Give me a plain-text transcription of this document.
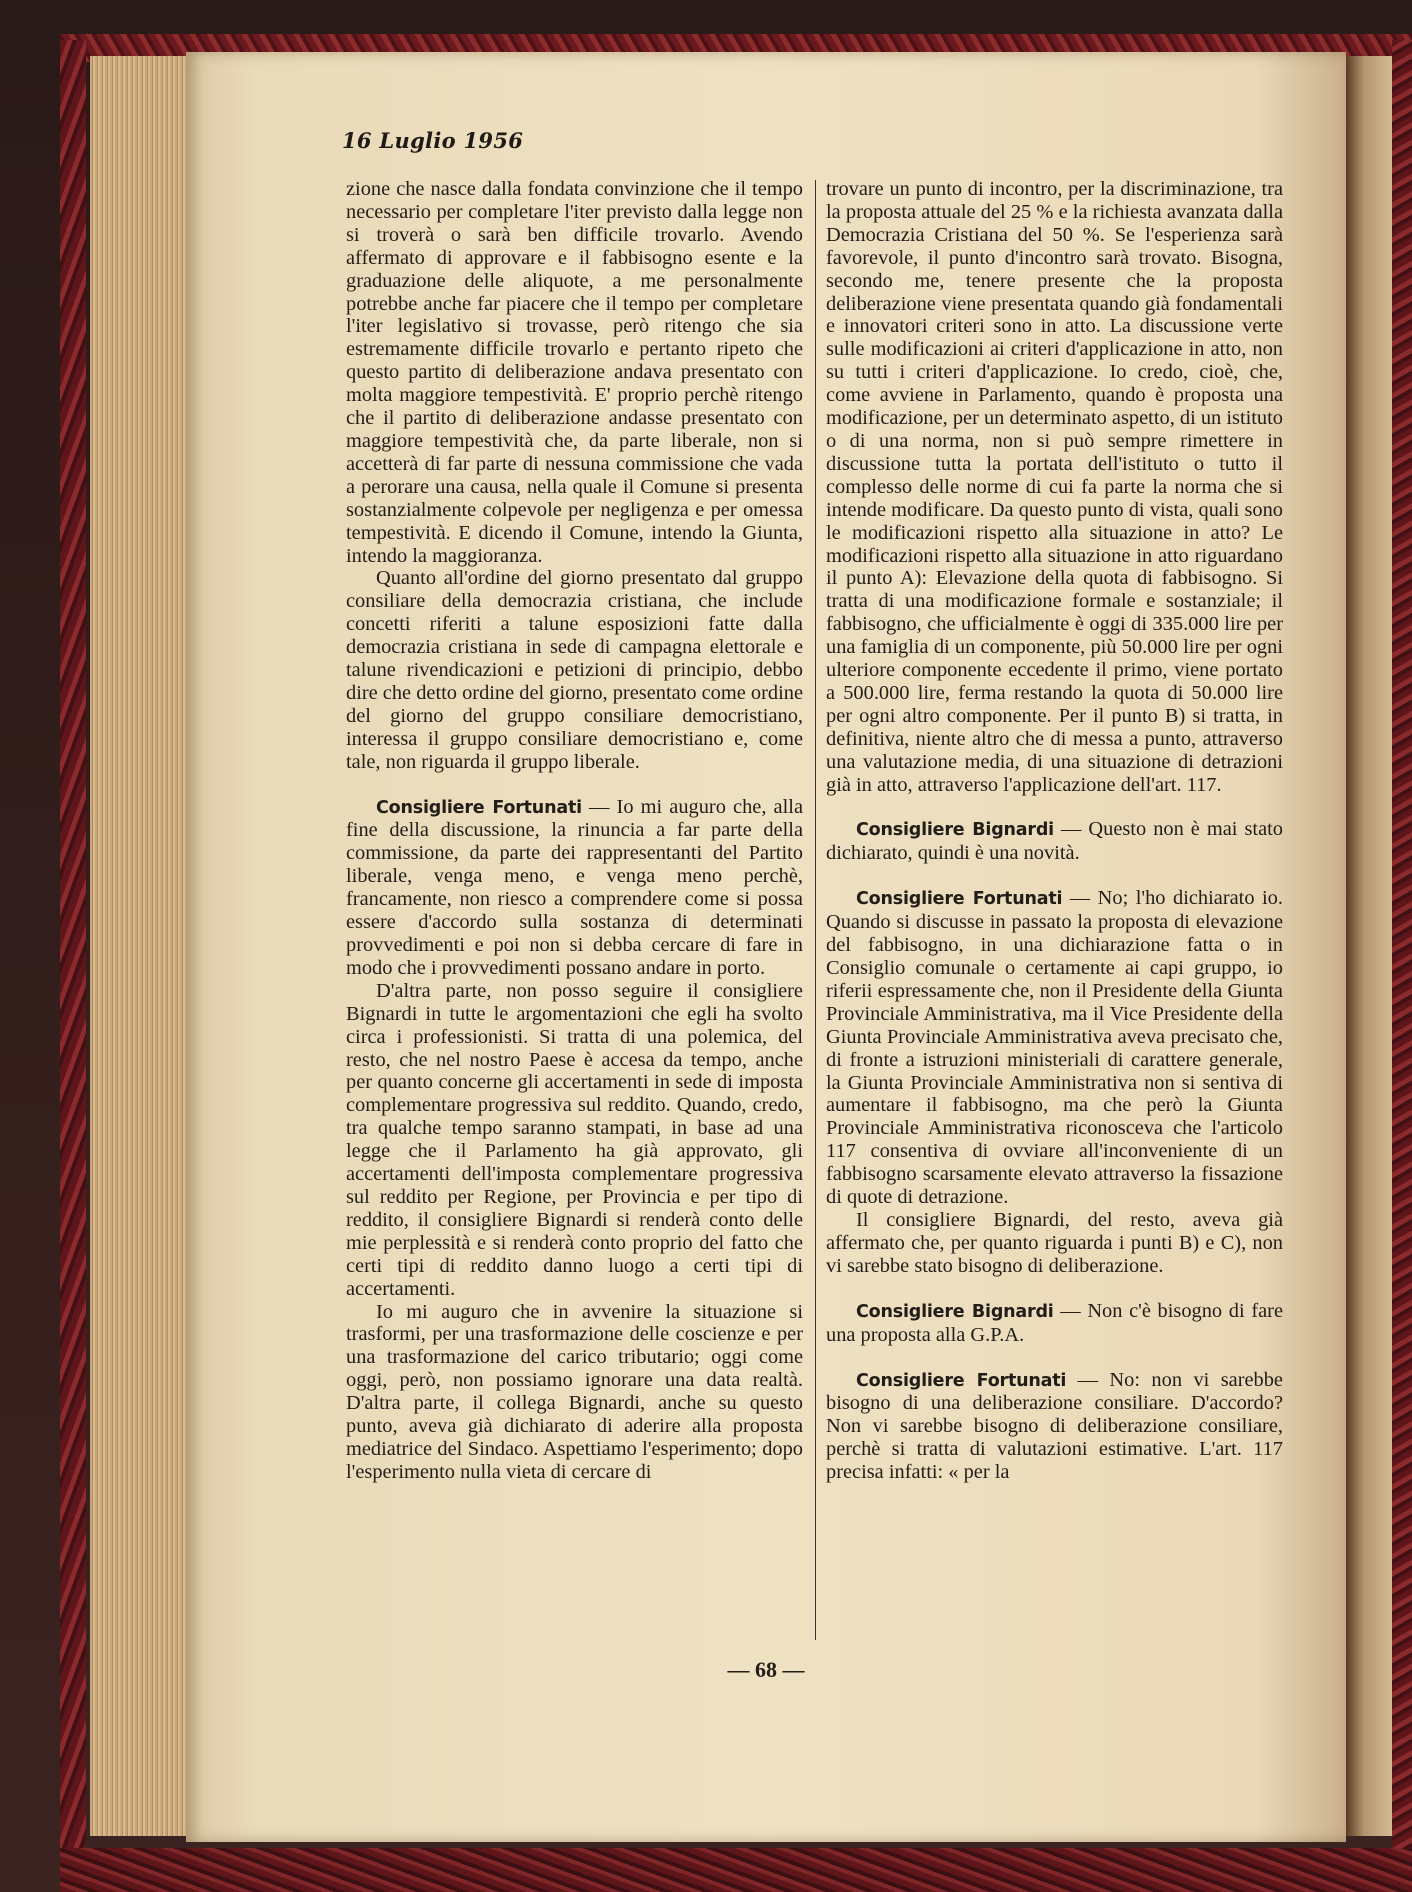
16 Luglio 1956

zione che nasce dalla fondata convinzione che il tempo necessario per completare l'iter previsto dalla legge non si troverà o sarà ben difficile trovarlo. Avendo affermato di approvare e il fabbisogno esente e la graduazione delle aliquote, a me personalmente potrebbe anche far piacere che il tempo per completare l'iter legislativo si trovasse, però ritengo che sia estremamente difficile trovarlo e pertanto ripeto che questo partito di deliberazione andava presentato con molta maggiore tempestività. E' proprio perchè ritengo che il partito di deliberazione andasse presentato con maggiore tempestività che, da parte liberale, non si accetterà di far parte di nessuna commissione che vada a perorare una causa, nella quale il Comune si presenta sostanzialmente colpevole per negligenza e per omessa tempestività. E dicendo il Comune, intendo la Giunta, intendo la maggioranza.

Quanto all'ordine del giorno presentato dal gruppo consiliare della democrazia cristiana, che include concetti riferiti a talune esposizioni fatte dalla democrazia cristiana in sede di campagna elettorale e talune rivendicazioni e petizioni di principio, debbo dire che detto ordine del giorno, presentato come ordine del giorno del gruppo consiliare democristiano, interessa il gruppo consiliare democristiano e, come tale, non riguarda il gruppo liberale.

Consigliere Fortunati — Io mi auguro che, alla fine della discussione, la rinuncia a far parte della commissione, da parte dei rappresentanti del Partito liberale, venga meno, e venga meno perchè, francamente, non riesco a comprendere come si possa essere d'accordo sulla sostanza di determinati provvedimenti e poi non si debba cercare di fare in modo che i provvedimenti possano andare in porto.

D'altra parte, non posso seguire il consigliere Bignardi in tutte le argomentazioni che egli ha svolto circa i professionisti. Si tratta di una polemica, del resto, che nel nostro Paese è accesa da tempo, anche per quanto concerne gli accertamenti in sede di imposta complementare progressiva sul reddito. Quando, credo, tra qualche tempo saranno stampati, in base ad una legge che il Parlamento ha già approvato, gli accertamenti dell'imposta complementare progressiva sul reddito per Regione, per Provincia e per tipo di reddito, il consigliere Bignardi si renderà conto delle mie perplessità e si renderà conto proprio del fatto che certi tipi di reddito danno luogo a certi tipi di accertamenti.

Io mi auguro che in avvenire la situazione si trasformi, per una trasformazione delle coscienze e per una trasformazione del carico tributario; oggi come oggi, però, non possiamo ignorare una data realtà. D'altra parte, il collega Bignardi, anche su questo punto, aveva già dichiarato di aderire alla proposta mediatrice del Sindaco. Aspettiamo l'esperimento; dopo l'esperimento nulla vieta di cercare di

trovare un punto di incontro, per la discriminazione, tra la proposta attuale del 25 % e la richiesta avanzata dalla Democrazia Cristiana del 50 %. Se l'esperienza sarà favorevole, il punto d'incontro sarà trovato. Bisogna, secondo me, tenere presente che la proposta deliberazione viene presentata quando già fondamentali e innovatori criteri sono in atto. La discussione verte sulle modificazioni ai criteri d'applicazione in atto, non su tutti i criteri d'applicazione. Io credo, cioè, che, come avviene in Parlamento, quando è proposta una modificazione, per un determinato aspetto, di un istituto o di una norma, non si può sempre rimettere in discussione tutta la portata dell'istituto o tutto il complesso delle norme di cui fa parte la norma che si intende modificare. Da questo punto di vista, quali sono le modificazioni rispetto alla situazione in atto? Le modificazioni rispetto alla situazione in atto riguardano il punto A): Elevazione della quota di fabbisogno. Si tratta di una modificazione formale e sostanziale; il fabbisogno, che ufficialmente è oggi di 335.000 lire per una famiglia di un componente, più 50.000 lire per ogni ulteriore componente eccedente il primo, viene portato a 500.000 lire, ferma restando la quota di 50.000 lire per ogni altro componente. Per il punto B) si tratta, in definitiva, niente altro che di messa a punto, attraverso una valutazione media, di una situazione di detrazioni già in atto, attraverso l'applicazione dell'art. 117.

Consigliere Bignardi — Questo non è mai stato dichiarato, quindi è una novità.

Consigliere Fortunati — No; l'ho dichiarato io. Quando si discusse in passato la proposta di elevazione del fabbisogno, in una dichiarazione fatta o in Consiglio comunale o certamente ai capi gruppo, io riferii espressamente che, non il Presidente della Giunta Provinciale Amministrativa, ma il Vice Presidente della Giunta Provinciale Amministrativa aveva precisato che, di fronte a istruzioni ministeriali di carattere generale, la Giunta Provinciale Amministrativa non si sentiva di aumentare il fabbisogno, ma che però la Giunta Provinciale Amministrativa riconosceva che l'articolo 117 consentiva di ovviare all'inconveniente di un fabbisogno scarsamente elevato attraverso la fissazione di quote di detrazione.

Il consigliere Bignardi, del resto, aveva già affermato che, per quanto riguarda i punti B) e C), non vi sarebbe stato bisogno di deliberazione.

Consigliere Bignardi — Non c'è bisogno di fare una proposta alla G.P.A.

Consigliere Fortunati — No: non vi sarebbe bisogno di una deliberazione consiliare. D'accordo? Non vi sarebbe bisogno di deliberazione consiliare, perchè si tratta di valutazioni estimative. L'art. 117 precisa infatti: « per la

— 68 —
